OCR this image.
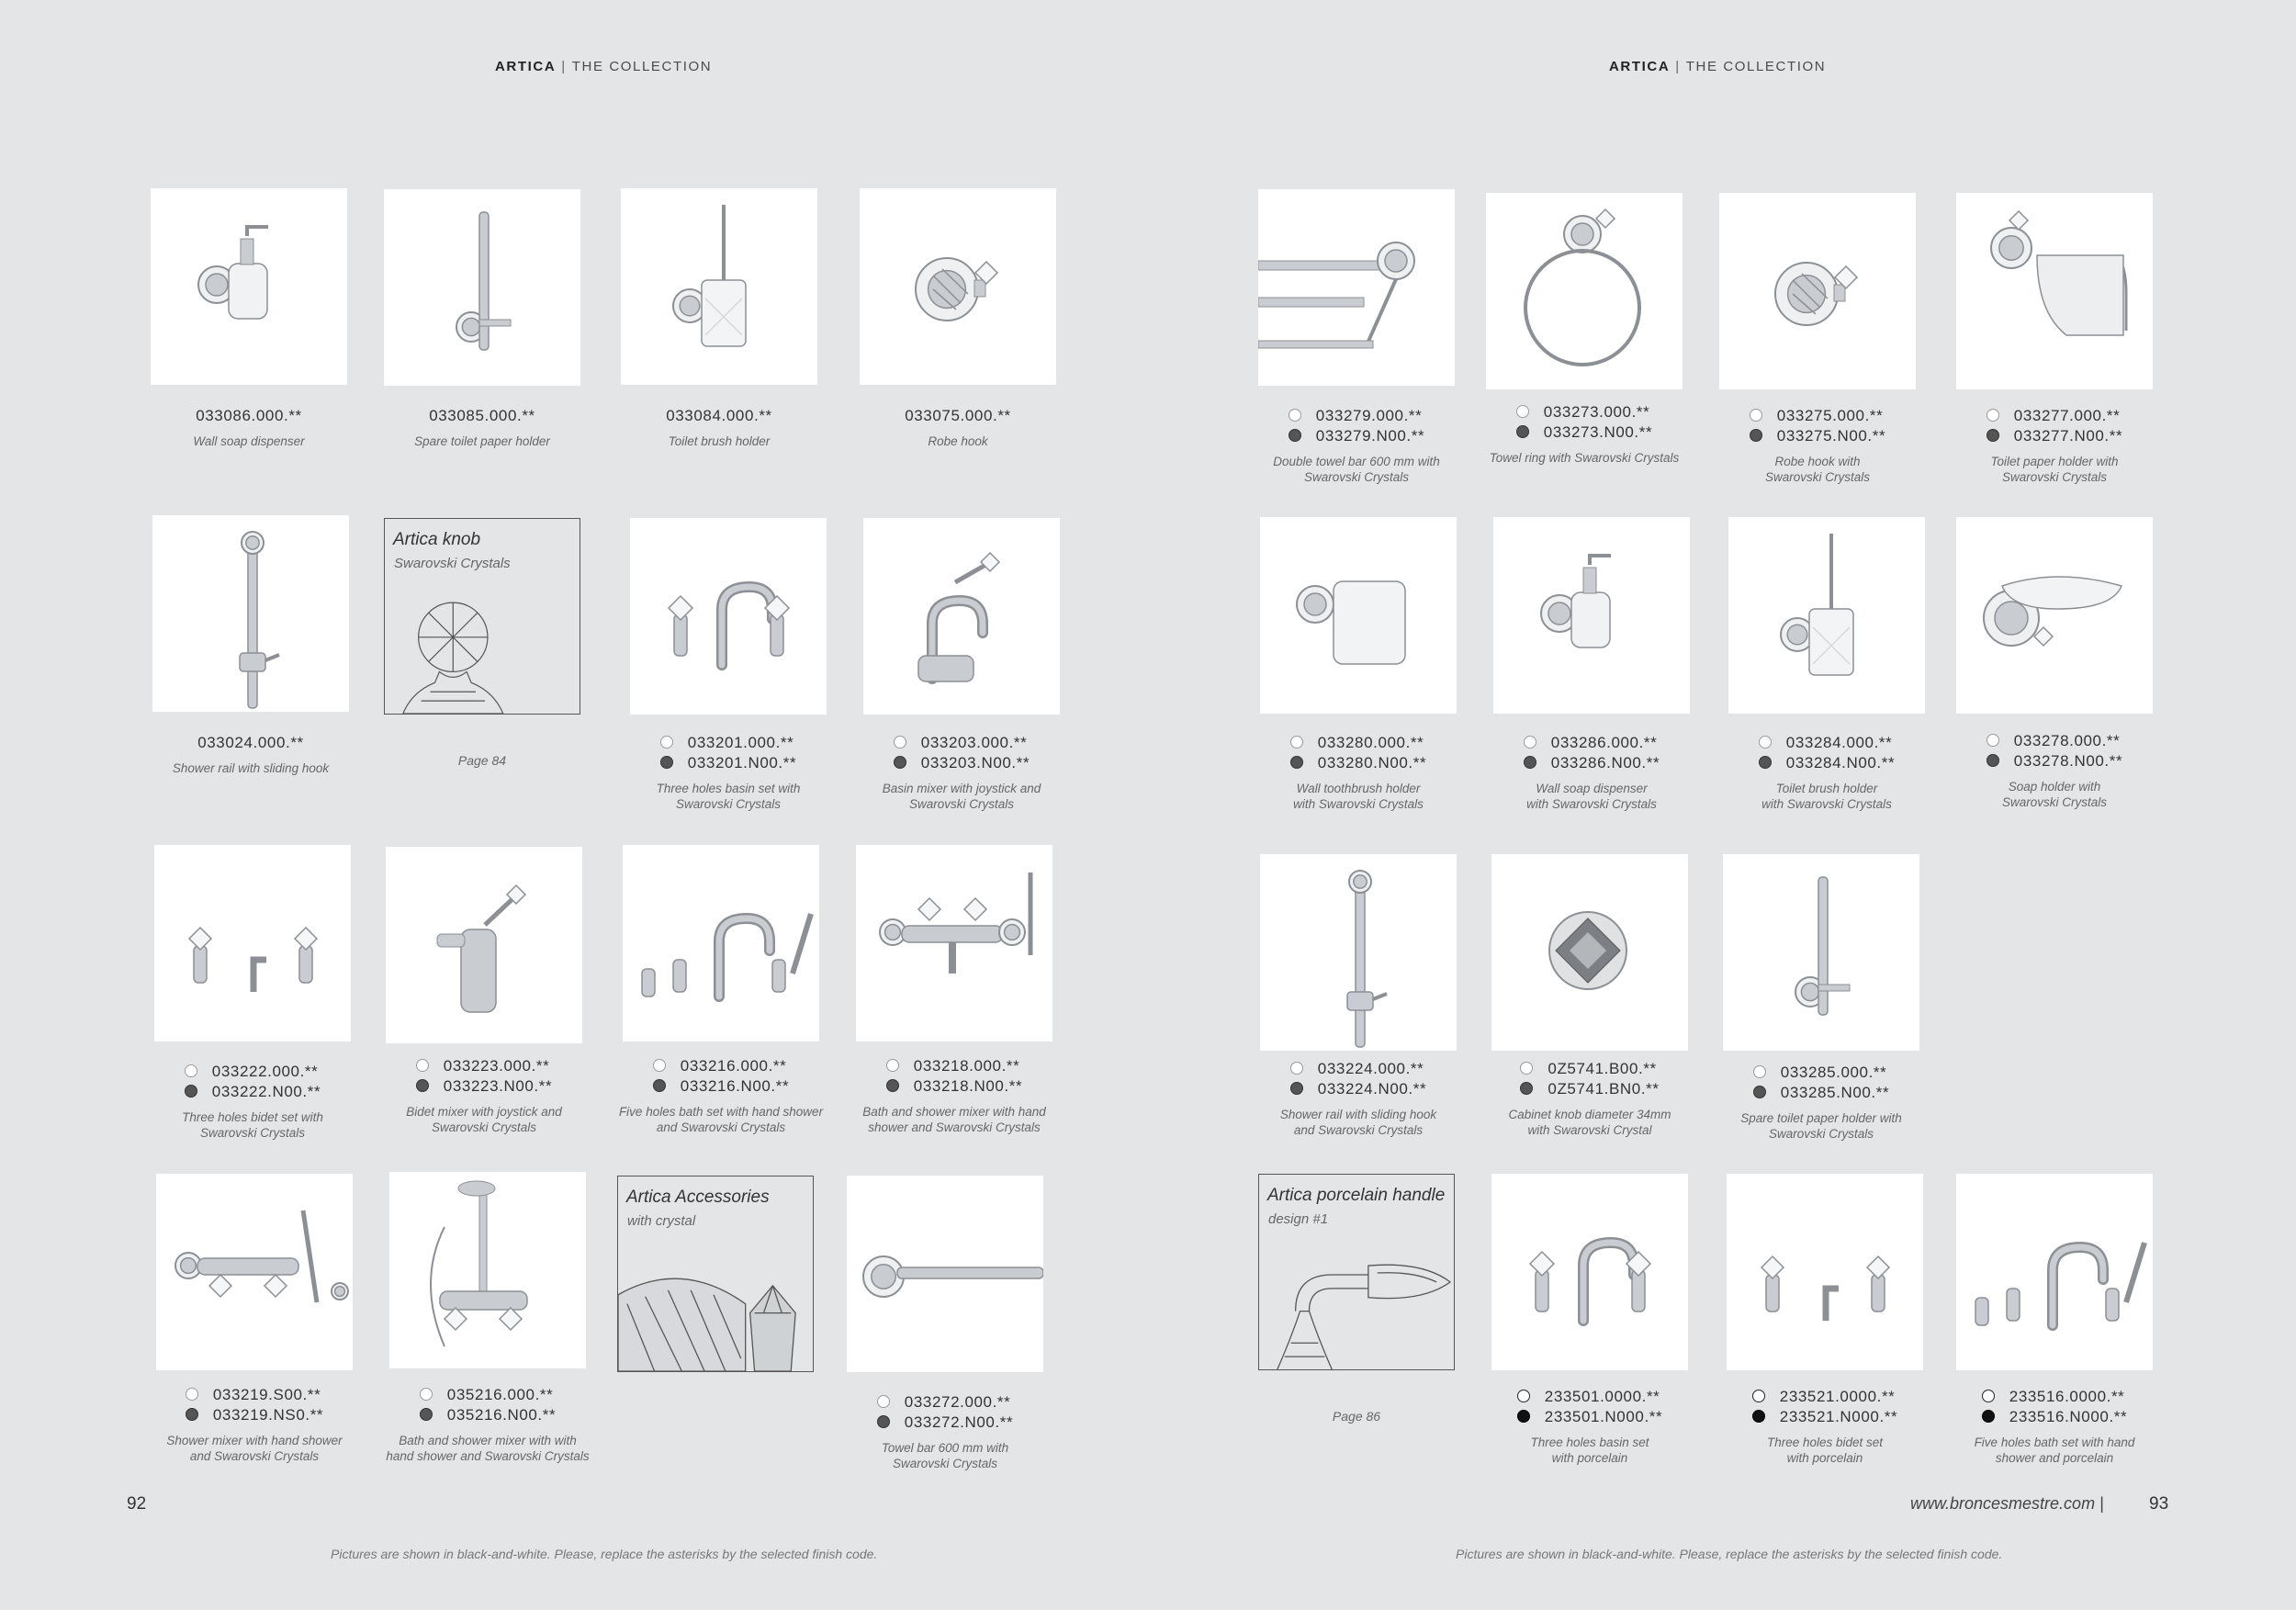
ARTICA | THE COLLECTION	ARTICA | THE COLLECTION
033086.000.**
Wall soap dispenser
033085.000.**
Spare toilet paper holder
033084.000.**
Toilet brush holder
033075.000.**
Robe hook
033024.000.**
Shower rail with sliding hook
033201.000.**
033201.N00.**
Three holes basin set with
Swarovski Crystals
033203.000.**
033203.N00.**
Basin mixer with joystick and
Swarovski Crystals
033222.000.**
033222.N00.**
Three holes bidet set with
Swarovski Crystals
033223.000.**
033223.N00.**
Bidet mixer with joystick and
Swarovski Crystals
033216.000.**
033216.N00.**
Five holes bath set with hand shower
and Swarovski Crystals
033218.000.**
033218.N00.**
Bath and shower mixer with hand
shower and Swarovski Crystals
033219.S00.**
033219.NS0.**
Shower mixer with hand shower
and Swarovski Crystals
035216.000.**
035216.N00.**
Bath and shower mixer with with
hand shower and Swarovski Crystals
033272.000.**
033272.N00.**
Towel bar 600 mm with
Swarovski Crystals
033279.000.**
033279.N00.**
Double towel bar 600 mm with
Swarovski Crystals
033273.000.**
033273.N00.**
Towel ring with Swarovski Crystals
033275.000.**
033275.N00.**
Robe hook with
Swarovski Crystals
033277.000.**
033277.N00.**
Toilet paper holder with
Swarovski Crystals
033280.000.**
033280.N00.**
Wall toothbrush holder
with Swarovski Crystals
033286.000.**
033286.N00.**
Wall soap dispenser
with Swarovski Crystals
033284.000.**
033284.N00.**
Toilet brush holder
with Swarovski Crystals
033278.000.**
033278.N00.**
Soap holder with
Swarovski Crystals
033224.000.**
033224.N00.**
Shower rail with sliding hook
and Swarovski Crystals
0Z5741.B00.**
0Z5741.BN0.**
Cabinet knob diameter 34mm
with Swarovski Crystal
033285.000.**
033285.N00.**
Spare toilet paper holder with
Swarovski Crystals
233501.0000.**
233501.N000.**
Three holes basin set
with porcelain
233521.0000.**
233521.N000.**
Three holes bidet set
with porcelain
233516.0000.**
233516.N000.**
Five holes bath set with hand
shower and porcelain
Artica knob
Swarovski Crystals
Page 84
Artica Accessories
with crystal
Artica porcelain handle
design #1
Page 86
92	93
www.broncesmestre.com |
Pictures are shown in black-and-white. Please, replace the asterisks by the selected finish code.	Pictures are shown in black-and-white. Please, replace the asterisks by the selected finish code.
